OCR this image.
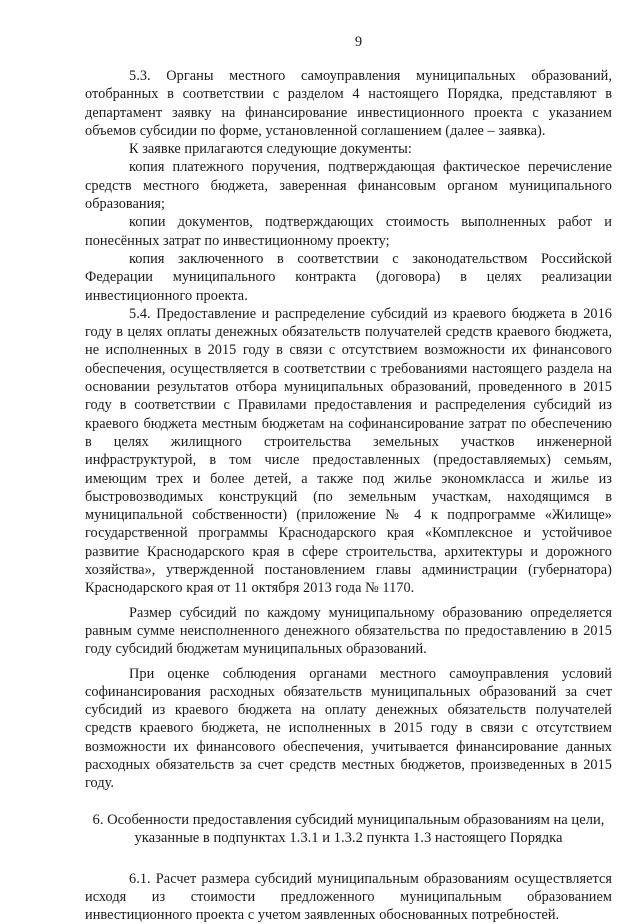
9

5.3. Органы местного самоуправления муниципальных образований, отобранных в соответствии с разделом 4 настоящего Порядка, представляют в департамент заявку на финансирование инвестиционного проекта с указанием объемов субсидии по форме, установленной соглашением (далее – заявка).

К заявке прилагаются следующие документы:

копия платежного поручения, подтверждающая фактическое перечисление средств местного бюджета, заверенная финансовым органом муниципального образования;

копии документов, подтверждающих стоимость выполненных работ и понесённых затрат по инвестиционному проекту;

копия заключенного в соответствии с законодательством Российской Федерации муниципального контракта (договора) в целях реализации инвестиционного проекта.

5.4. Предоставление и распределение субсидий из краевого бюджета в 2016 году в целях оплаты денежных обязательств получателей средств краевого бюджета, не исполненных в 2015 году в связи с отсутствием возможности их финансового обеспечения, осуществляется в соответствии с требованиями настоящего раздела на основании результатов отбора муниципальных образований, проведенного в 2015 году в соответствии с Правилами предоставления и распределения субсидий из краевого бюджета местным бюджетам на софинансирование затрат по обеспечению в целях жилищного строительства земельных участков инженерной инфраструктурой, в том числе предоставленных (предоставляемых) семьям, имеющим трех и более детей, а также под жилье экономкласса и жилье из быстровозводимых конструкций (по земельным участкам, находящимся в муниципальной собственности) (приложение № 4 к подпрограмме «Жилище» государственной программы Краснодарского края «Комплексное и устойчивое развитие Краснодарского края в сфере строительства, архитектуры и дорожного хозяйства», утвержденной постановлением главы администрации (губернатора) Краснодарского края от 11 октября 2013 года № 1170.

Размер субсидий по каждому муниципальному образованию определяется равным сумме неисполненного денежного обязательства по предоставлению в 2015 году субсидий бюджетам муниципальных образований.

При оценке соблюдения органами местного самоуправления условий софинансирования расходных обязательств муниципальных образований за счет субсидий из краевого бюджета на оплату денежных обязательств получателей средств краевого бюджета, не исполненных в 2015 году в связи с отсутствием возможности их финансового обеспечения, учитывается финансирование данных расходных обязательств за счет средств местных бюджетов, произведенных в 2015 году.

6. Особенности предоставления субсидий муниципальным образованиям на цели,
указанные в подпунктах 1.3.1 и 1.3.2 пункта 1.3 настоящего Порядка

6.1. Расчет размера субсидий муниципальным образованиям осуществляется исходя из стоимости предложенного муниципальным образованием инвестиционного проекта с учетом заявленных обоснованных потребностей.
